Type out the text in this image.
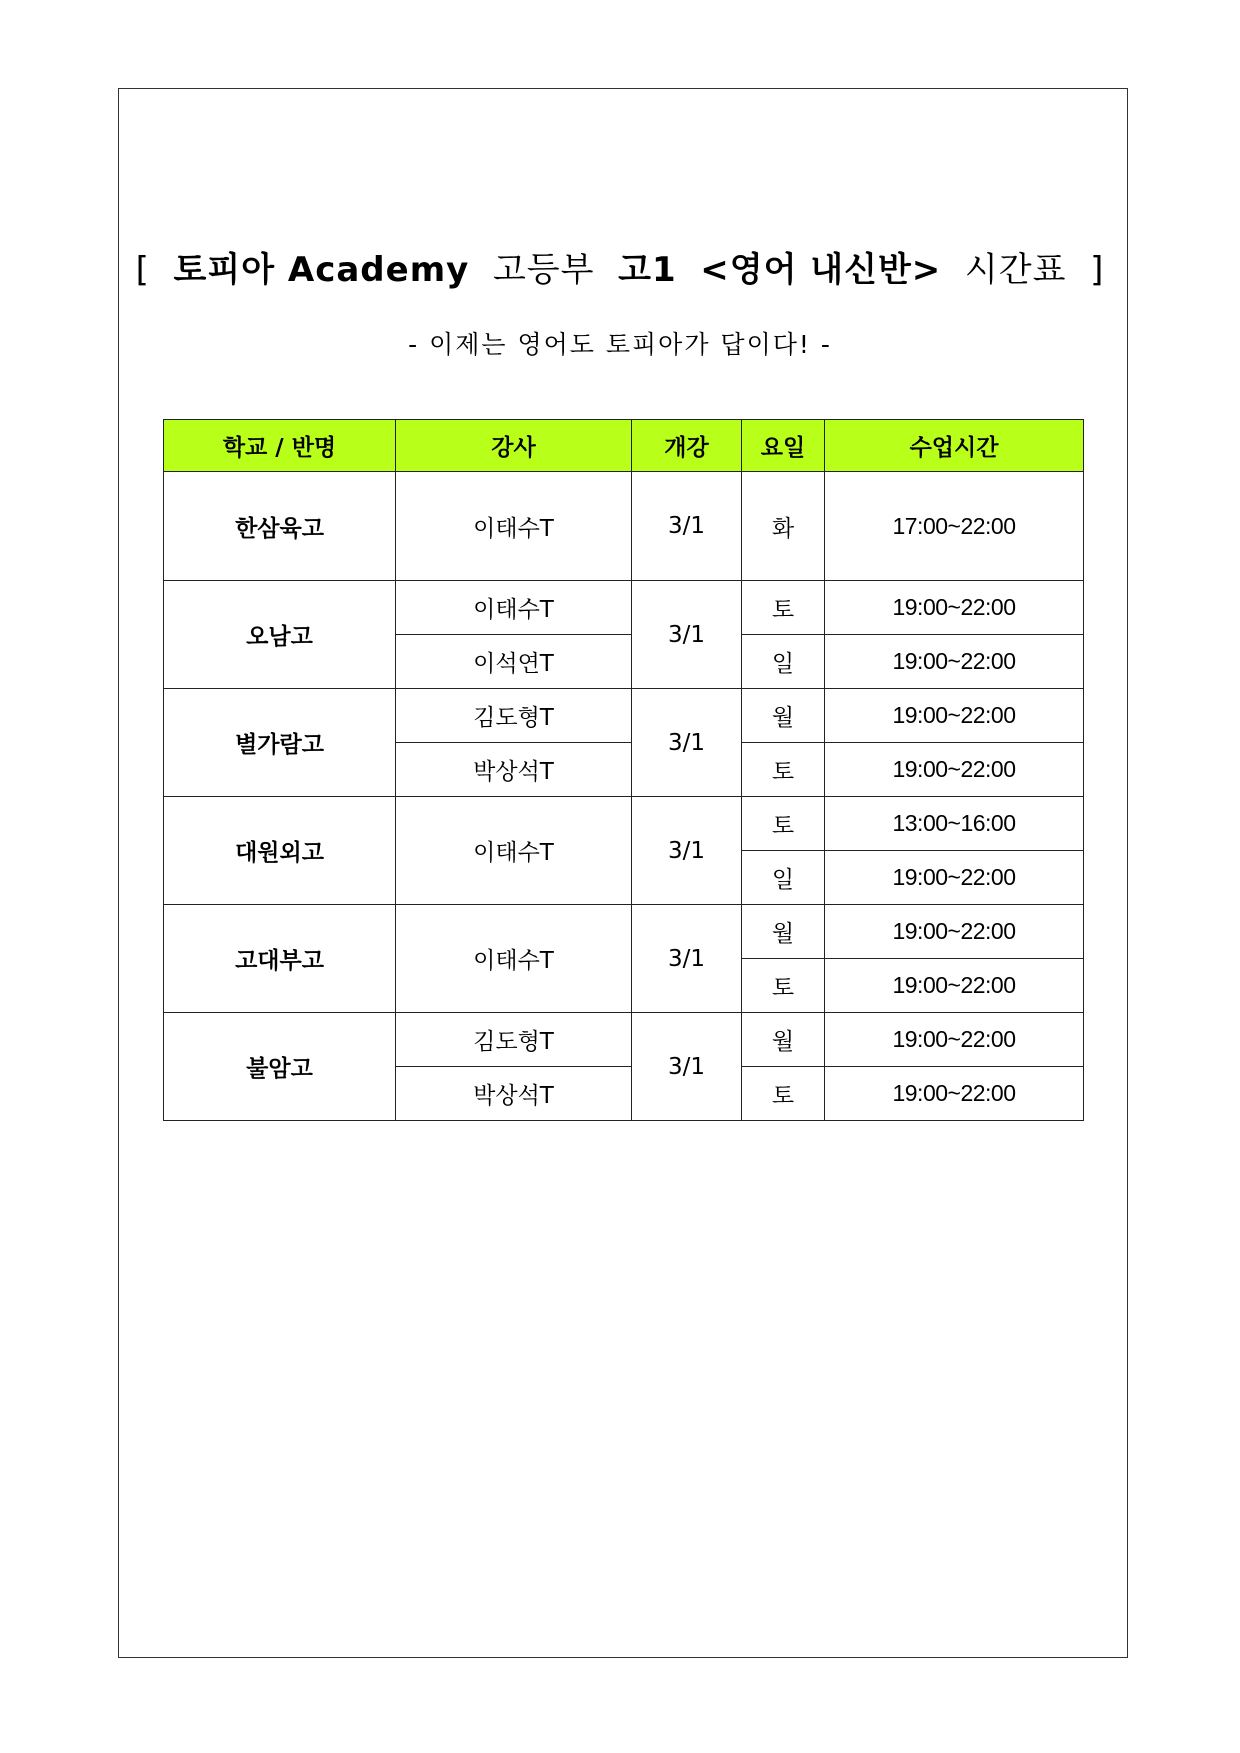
[ 토피아 Academy 고등부 고1 <영어 내신반> 시간표 ]
- 이제는 영어도 토피아가 답이다! -
학교 / 반명	강사	개강	요일	수업시간
한삼육고	이태수T	3/1	화	17:00~22:00
오남고	이태수T	3/1	토	19:00~22:00
	이석연T		일	19:00~22:00
별가람고	김도형T	3/1	월	19:00~22:00
	박상석T		토	19:00~22:00
대원외고	이태수T	3/1	토	13:00~16:00
			일	19:00~22:00
고대부고	이태수T	3/1	월	19:00~22:00
			토	19:00~22:00
불암고	김도형T	3/1	월	19:00~22:00
	박상석T		토	19:00~22:00
